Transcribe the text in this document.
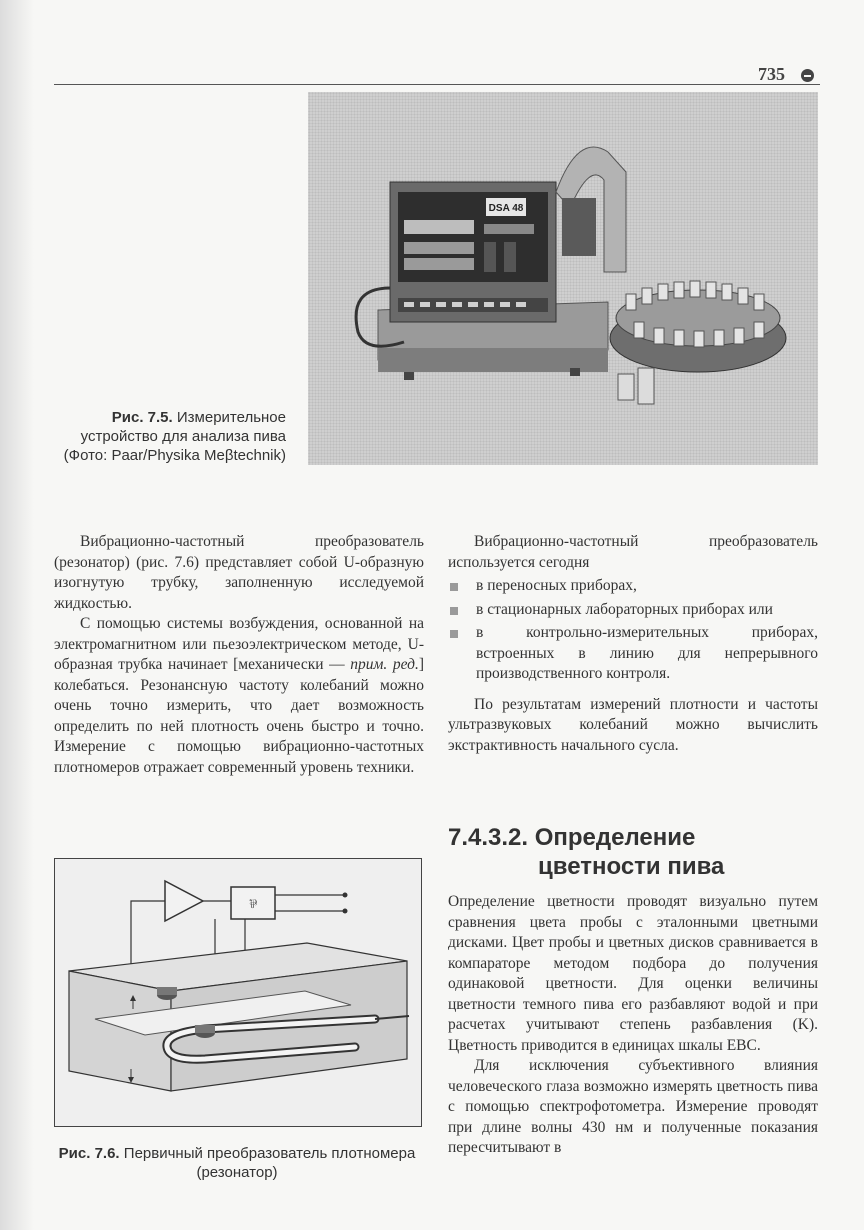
735
DSA 48
Рис. 7.5. Измерительное устройство для анализа пива (Фото: Paar/Physika Meβtechnik)

Вибрационно-частотный преобразователь (резонатор) (рис. 7.6) представляет собой U-образную изогнутую трубку, заполненную исследуемой жидкостью.

С помощью системы возбуждения, основанной на электромагнитном или пьезоэлектрическом методе, U-образная трубка начинает [механически — прим. ред.] колебаться. Резонансную частоту колебаний можно очень точно измерить, что дает возможность определить по ней плотность очень быстро и точно. Измерение с помощью вибрационно-частотных плотномеров отражает современный уровень техники.

Вибрационно-частотный преобразователь используется сегодня

в переносных приборах,
в стационарных лабораторных приборах или
в контрольно-измерительных приборах, встроенных в линию для непрерывного производственного контроля.

По результатам измерений плотности и частоты ультразвуковых колебаний можно вычислить экстрактивность начального сусла.

7.4.3.2. Определение
цветности пива

Определение цветности проводят визуально путем сравнения цвета пробы с эталонными цветными дисками. Цвет пробы и цветных дисков сравнивается в компараторе методом подбора до получения одинаковой цветности. Для оценки величины цветности темного пива его разбавляют водой и при расчетах учитывают степень разбавления (K). Цветность приводится в единицах шкалы EBC.

Для исключения субъективного влияния человеческого глаза возможно измерять цветность пива с помощью спектрофотометра. Измерение проводят при длине волны 430 нм и полученные показания пересчитывают в

⅌
Рис. 7.6. Первичный преобразователь плотномера (резонатор)
